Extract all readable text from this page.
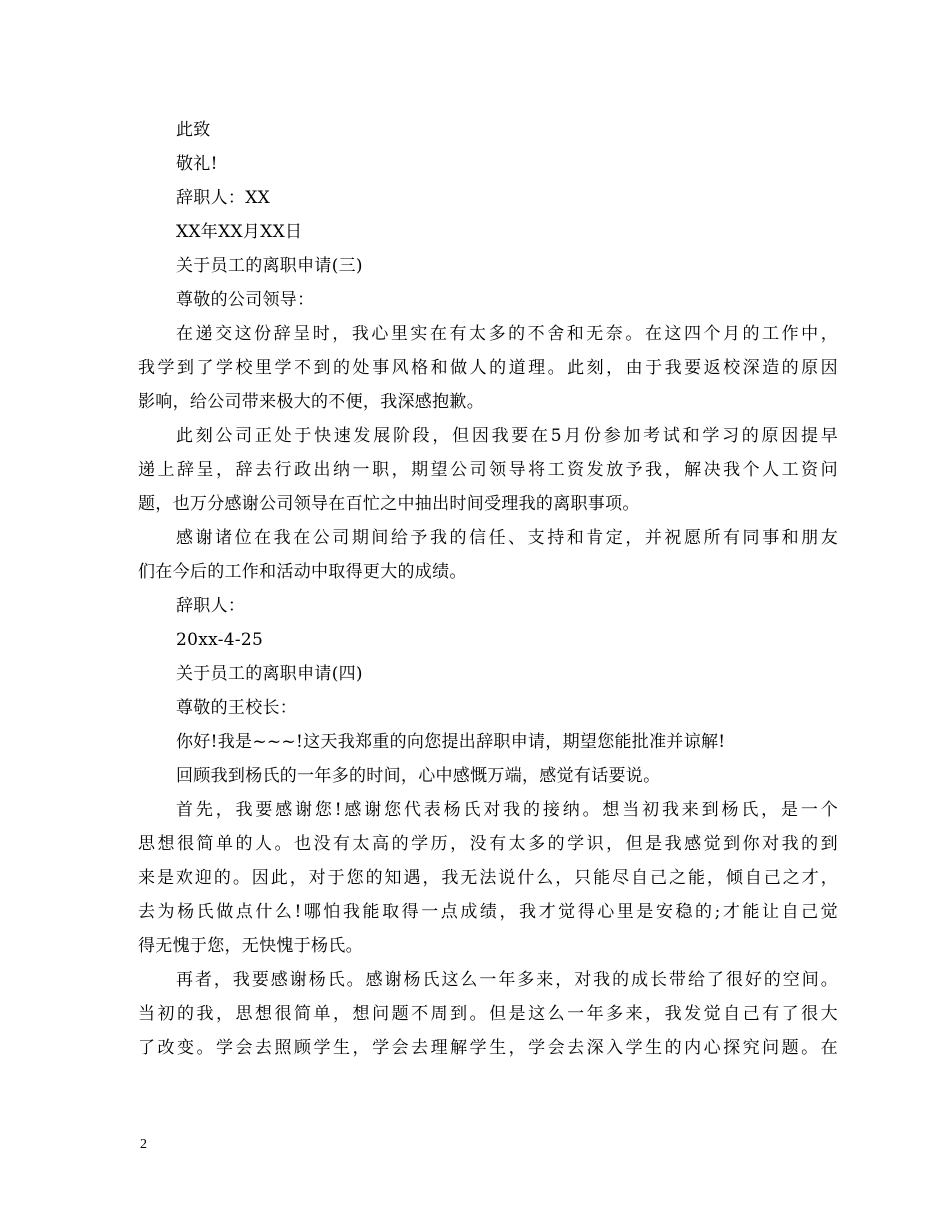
此致
敬礼!
辞职人：XX
XX年XX月XX日
关于员工的离职申请(三)
尊敬的公司领导：
在递交这份辞呈时，我心里实在有太多的不舍和无奈。在这四个月的工作中，
我学到了学校里学不到的处事风格和做人的道理。此刻，由于我要返校深造的原因
影响，给公司带来极大的不便，我深感抱歉。
此刻公司正处于快速发展阶段，但因我要在5月份参加考试和学习的原因提早
递上辞呈，辞去行政出纳一职，期望公司领导将工资发放予我，解决我个人工资问
题，也万分感谢公司领导在百忙之中抽出时间受理我的离职事项。
感谢诸位在我在公司期间给予我的信任、支持和肯定，并祝愿所有同事和朋友
们在今后的工作和活动中取得更大的成绩。
辞职人：
20xx-4-25
关于员工的离职申请(四)
尊敬的王校长：
你好!我是~~~!这天我郑重的向您提出辞职申请，期望您能批准并谅解!
回顾我到杨氏的一年多的时间，心中感慨万端，感觉有话要说。
首先，我要感谢您!感谢您代表杨氏对我的接纳。想当初我来到杨氏，是一个
思想很简单的人。也没有太高的学历，没有太多的学识，但是我感觉到你对我的到
来是欢迎的。因此，对于您的知遇，我无法说什么，只能尽自己之能，倾自己之才，
去为杨氏做点什么!哪怕我能取得一点成绩，我才觉得心里是安稳的;才能让自己觉
得无愧于您，无快愧于杨氏。
再者，我要感谢杨氏。感谢杨氏这么一年多来，对我的成长带给了很好的空间。
当初的我，思想很简单，想问题不周到。但是这么一年多来，我发觉自己有了很大
了改变。学会去照顾学生，学会去理解学生，学会去深入学生的内心探究问题。在
2
